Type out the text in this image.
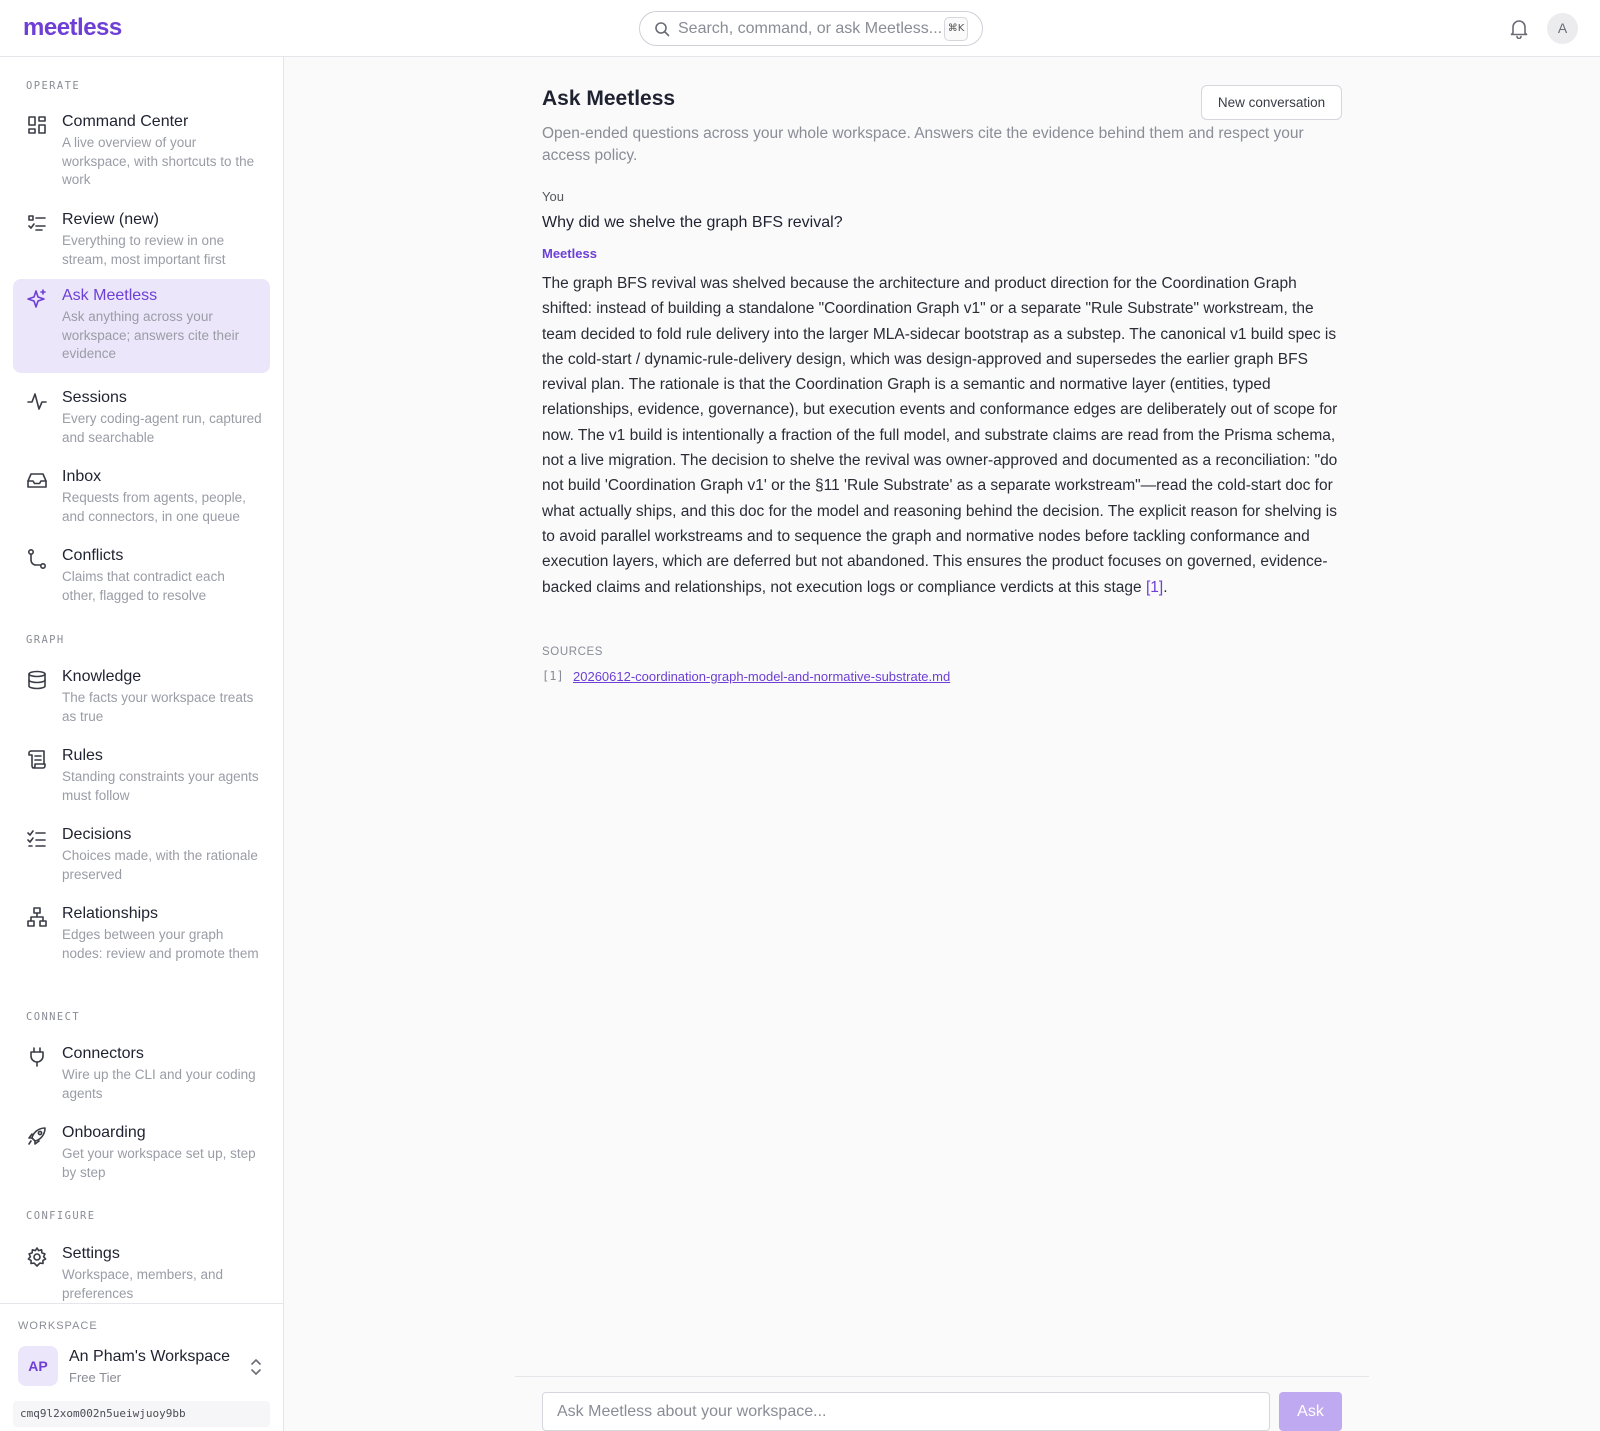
meetless	Search, command, or ask Meetless... ⌘K	A
OPERATE
Command Center
A live overview of your workspace, with shortcuts to the work
Review (new)
Everything to review in one stream, most important first
Ask Meetless
Ask anything across your workspace; answers cite their evidence
Sessions
Every coding-agent run, captured and searchable
Inbox
Requests from agents, people, and connectors, in one queue
Conflicts
Claims that contradict each other, flagged to resolve
GRAPH
Knowledge
The facts your workspace treats as true
Rules
Standing constraints your agents must follow
Decisions
Choices made, with the rationale preserved
Relationships
Edges between your graph nodes: review and promote them
CONNECT
Connectors
Wire up the CLI and your coding agents
Onboarding
Get your workspace set up, step by step
CONFIGURE
Settings
Workspace, members, and preferences
WORKSPACE
AP
An Pham's Workspace
Free Tier
cmq9l2xom002n5ueiwjuoy9bb
Ask Meetless	New conversation
Open-ended questions across your whole workspace. Answers cite the evidence behind them and respect your access policy.
You
Why did we shelve the graph BFS revival?
Meetless
The graph BFS revival was shelved because the architecture and product direction for the Coordination Graph shifted: instead of building a standalone "Coordination Graph v1" or a separate "Rule Substrate" workstream, the team decided to fold rule delivery into the larger MLA-sidecar bootstrap as a substep. The canonical v1 build spec is the cold-start / dynamic-rule-delivery design, which was design-approved and supersedes the earlier graph BFS revival plan. The rationale is that the Coordination Graph is a semantic and normative layer (entities, typed relationships, evidence, governance), but execution events and conformance edges are deliberately out of scope for now. The v1 build is intentionally a fraction of the full model, and substrate claims are read from the Prisma schema, not a live migration. The decision to shelve the revival was owner-approved and documented as a reconciliation: "do not build 'Coordination Graph v1' or the §11 'Rule Substrate' as a separate workstream"—read the cold-start doc for what actually ships, and this doc for the model and reasoning behind the decision. The explicit reason for shelving is to avoid parallel workstreams and to sequence the graph and normative nodes before tackling conformance and execution layers, which are deferred but not abandoned. This ensures the product focuses on governed, evidence-backed claims and relationships, not execution logs or compliance verdicts at this stage [1].
SOURCES
[1] 20260612-coordination-graph-model-and-normative-substrate.md
Ask Meetless about your workspace...
Ask
